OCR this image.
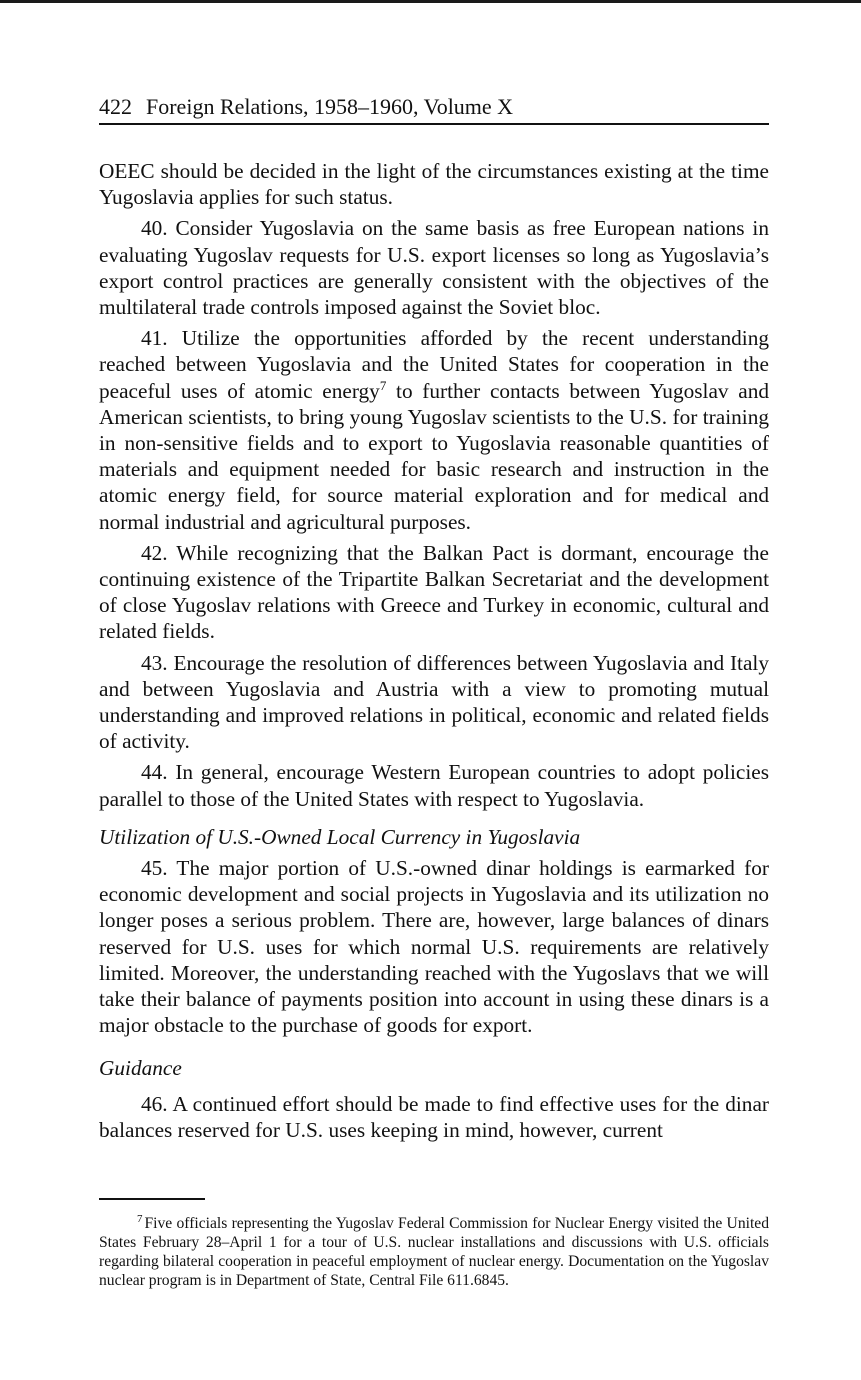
422 Foreign Relations, 1958–1960, Volume X

OEEC should be decided in the light of the circumstances existing at the time Yugoslavia applies for such status.

40. Consider Yugoslavia on the same basis as free European nations in evaluating Yugoslav requests for U.S. export licenses so long as Yugoslavia’s export control practices are generally consistent with the objectives of the multilateral trade controls imposed against the Soviet bloc.

41. Utilize the opportunities afforded by the recent understanding reached between Yugoslavia and the United States for cooperation in the peaceful uses of atomic energy$^7$ to further contacts between Yugoslav and American scientists, to bring young Yugoslav scientists to the U.S. for training in non-sensitive fields and to export to Yugoslavia reasonable quantities of materials and equipment needed for basic research and instruction in the atomic energy field, for source material exploration and for medical and normal industrial and agricultural purposes.

42. While recognizing that the Balkan Pact is dormant, encourage the continuing existence of the Tripartite Balkan Secretariat and the development of close Yugoslav relations with Greece and Turkey in economic, cultural and related fields.

43. Encourage the resolution of differences between Yugoslavia and Italy and between Yugoslavia and Austria with a view to promoting mutual understanding and improved relations in political, economic and related fields of activity.

44. In general, encourage Western European countries to adopt policies parallel to those of the United States with respect to Yugoslavia.

Utilization of U.S.-Owned Local Currency in Yugoslavia

45. The major portion of U.S.-owned dinar holdings is earmarked for economic development and social projects in Yugoslavia and its utilization no longer poses a serious problem. There are, however, large balances of dinars reserved for U.S. uses for which normal U.S. requirements are relatively limited. Moreover, the understanding reached with the Yugoslavs that we will take their balance of payments position into account in using these dinars is a major obstacle to the purchase of goods for export.

Guidance

46. A continued effort should be made to find effective uses for the dinar balances reserved for U.S. uses keeping in mind, however, current

$^7$ Five officials representing the Yugoslav Federal Commission for Nuclear Energy visited the United States February 28–April 1 for a tour of U.S. nuclear installations and discussions with U.S. officials regarding bilateral cooperation in peaceful employment of nuclear energy. Documentation on the Yugoslav nuclear program is in Department of State, Central File 611.6845.
